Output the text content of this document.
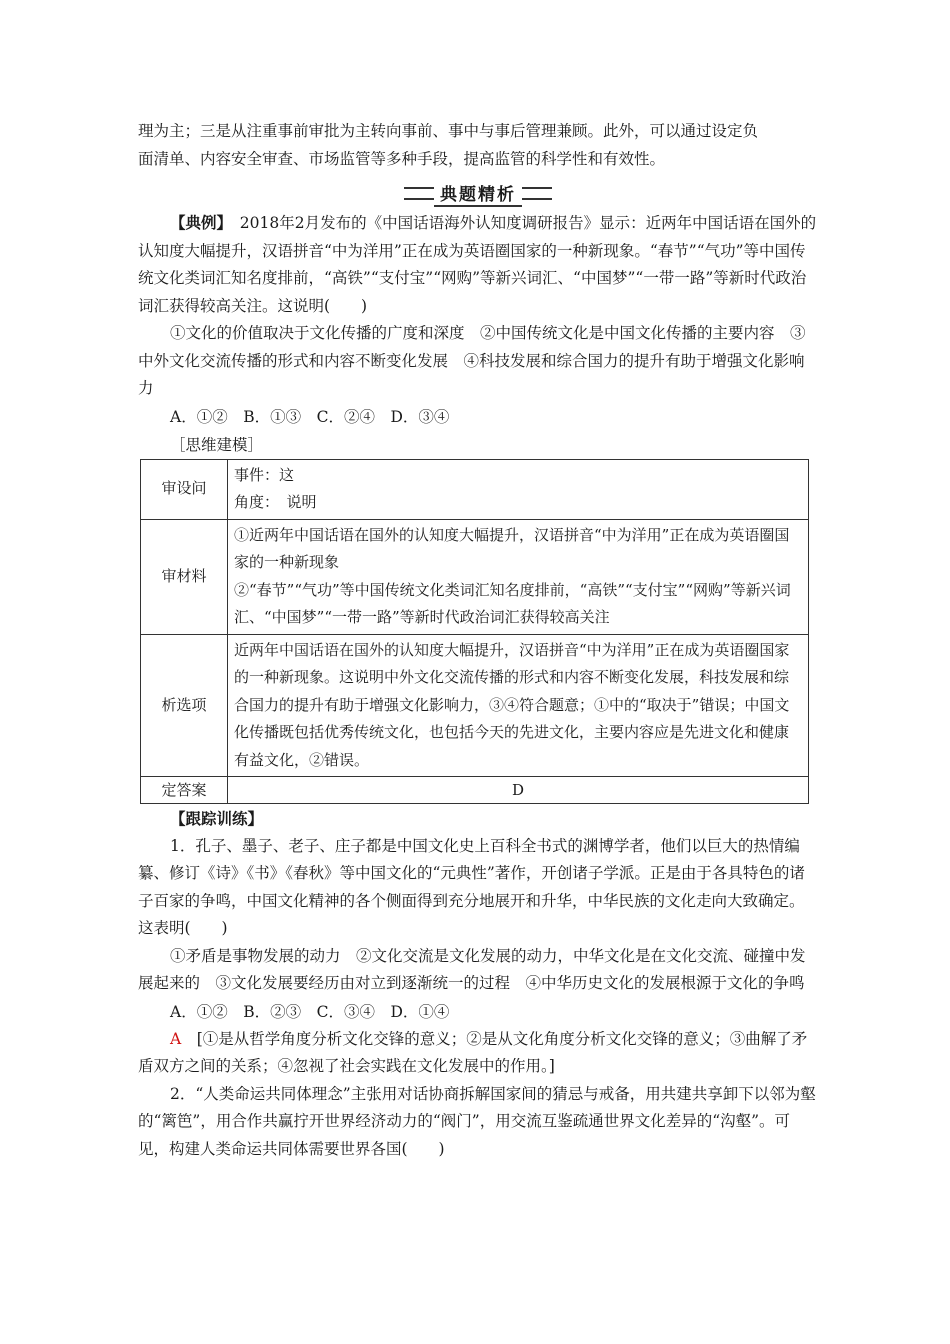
理为主；三是从注重事前审批为主转向事前、事中与事后管理兼顾。此外，可以通过设定负

面清单、内容安全审查、市场监管等多种手段，提高监管的科学性和有效性。

典题精析

【典例】　2018年2月发布的《中国话语海外认知度调研报告》显示：近两年中国话语在国外的认知度大幅提升，汉语拼音“中为洋用”正在成为英语圈国家的一种新现象。“春节”“气功”等中国传统文化类词汇知名度排前，“高铁”“支付宝”“网购”等新兴词汇、“中国梦”“一带一路”等新时代政治词汇获得较高关注。这说明(　　)

①文化的价值取决于文化传播的广度和深度　②中国传统文化是中国文化传播的主要内容　③中外文化交流传播的形式和内容不断变化发展　④科技发展和综合国力的提升有助于增强文化影响力

A．①②　B．①③　C．②④　D．③④

［思维建模］

审设问	事件：这
角度：　说明

审材料	①近两年中国话语在国外的认知度大幅提升，汉语拼音“中为洋用”正在成为英语圈国家的一种新现象
②“春节”“气功”等中国传统文化类词汇知名度排前，“高铁”“支付宝”“网购”等新兴词汇、“中国梦”“一带一路”等新时代政治词汇获得较高关注

析选项	近两年中国话语在国外的认知度大幅提升，汉语拼音“中为洋用”正在成为英语圈国家的一种新现象。这说明中外文化交流传播的形式和内容不断变化发展，科技发展和综合国力的提升有助于增强文化影响力，③④符合题意；①中的“取决于”错误；中国文化传播既包括优秀传统文化，也包括今天的先进文化，主要内容应是先进文化和健康有益文化，②错误。

定答案	D

【跟踪训练】

1．孔子、墨子、老子、庄子都是中国文化史上百科全书式的渊博学者，他们以巨大的热情编纂、修订《诗》《书》《春秋》等中国文化的“元典性”著作，开创诸子学派。正是由于各具特色的诸子百家的争鸣，中国文化精神的各个侧面得到充分地展开和升华，中华民族的文化走向大致确定。这表明(　　)

①矛盾是事物发展的动力　②文化交流是文化发展的动力，中华文化是在文化交流、碰撞中发展起来的　③文化发展要经历由对立到逐渐统一的过程　④中华历史文化的发展根源于文化的争鸣

A．①②　B．②③　C．③④　D．①④

A　[①是从哲学角度分析文化交锋的意义；②是从文化角度分析文化交锋的意义；③曲解了矛盾双方之间的关系；④忽视了社会实践在文化发展中的作用。]

2．“人类命运共同体理念”主张用对话协商拆解国家间的猜忌与戒备，用共建共享卸下以邻为壑的“篱笆”，用合作共赢拧开世界经济动力的“阀门”，用交流互鉴疏通世界文化差异的“沟壑”。可见，构建人类命运共同体需要世界各国(　　)
